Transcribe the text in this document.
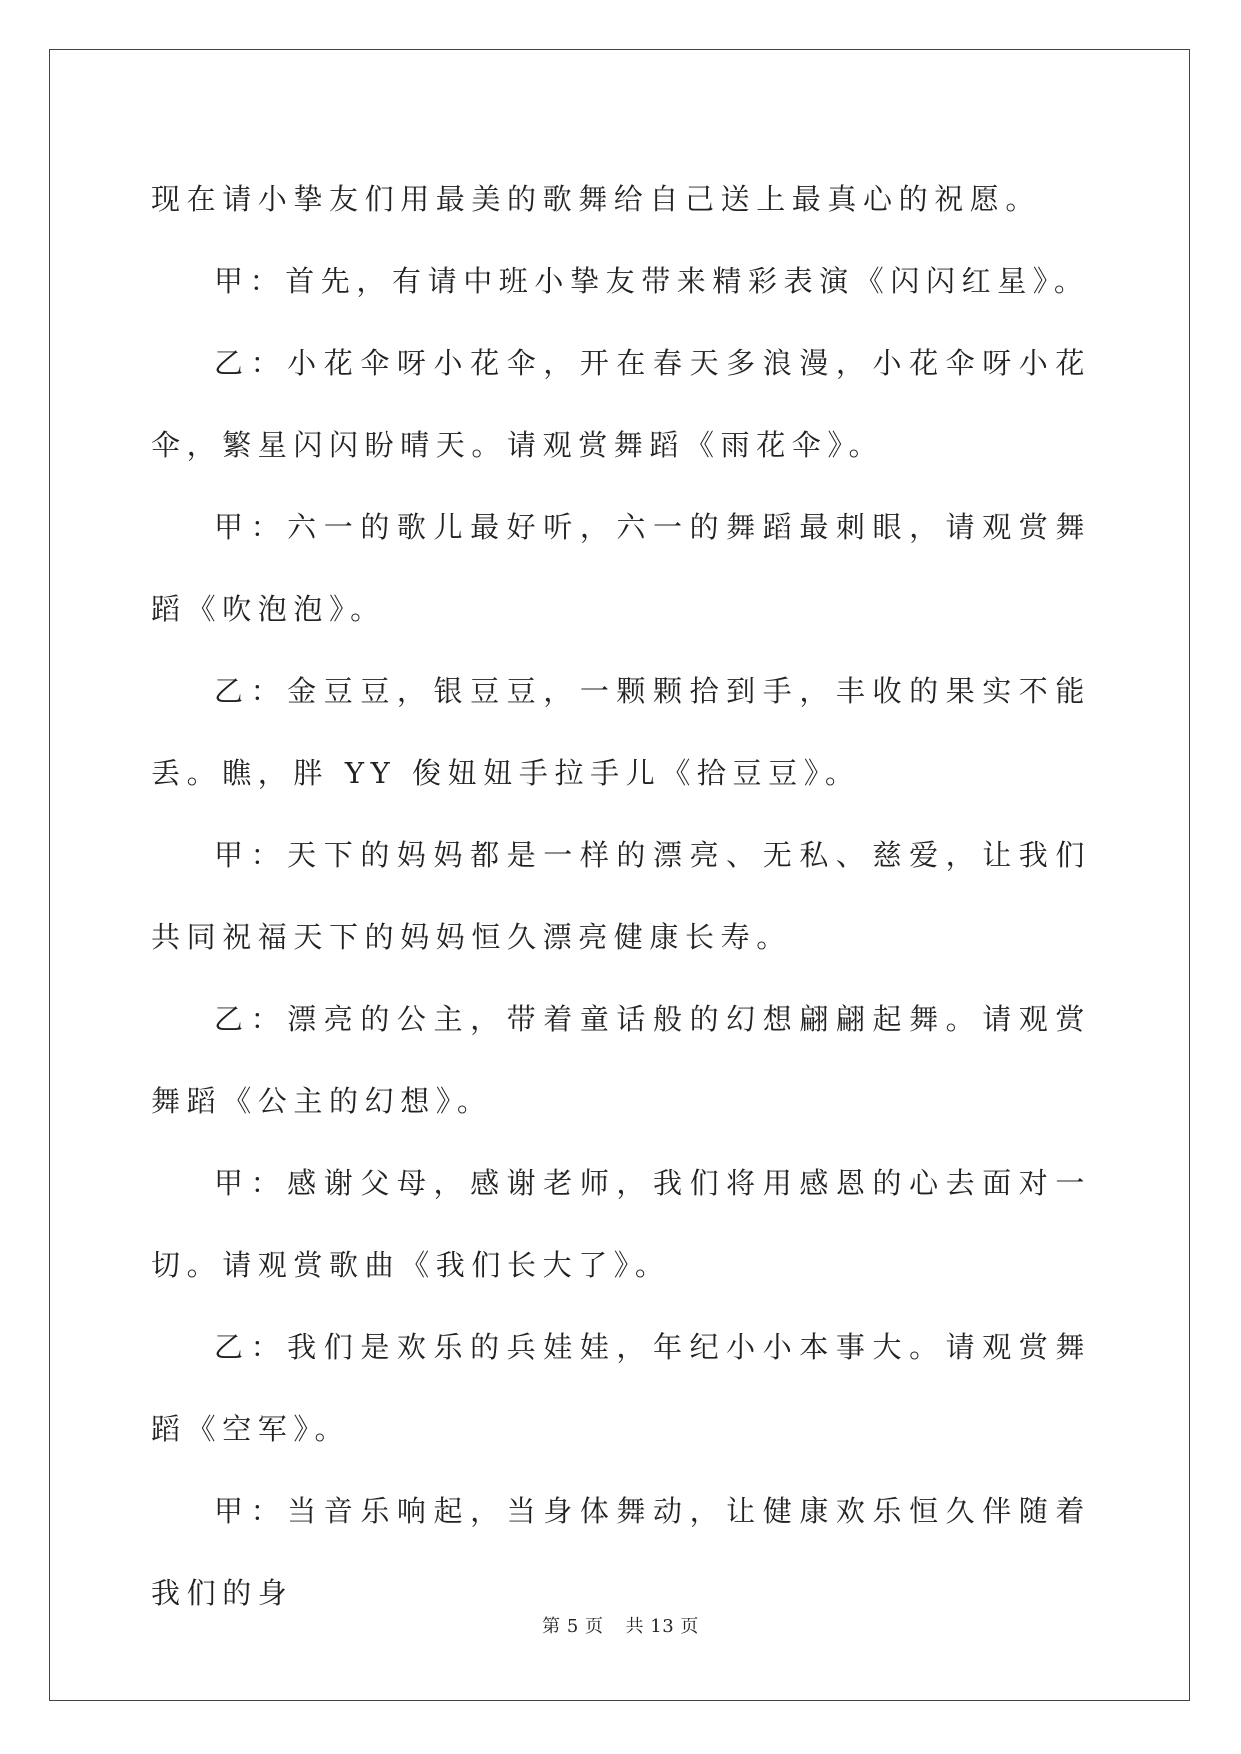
现在请小挚友们用最美的歌舞给自己送上最真心的祝愿。

甲：首先，有请中班小挚友带来精彩表演《闪闪红星》。

乙：小花伞呀小花伞，开在春天多浪漫，小花伞呀小花伞，繁星闪闪盼晴天。请观赏舞蹈《雨花伞》。

甲：六一的歌儿最好听，六一的舞蹈最刺眼，请观赏舞蹈《吹泡泡》。

乙：金豆豆，银豆豆，一颗颗拾到手，丰收的果实不能丢。瞧，胖 YY 俊妞妞手拉手儿《拾豆豆》。

甲：天下的妈妈都是一样的漂亮、无私、慈爱，让我们共同祝福天下的妈妈恒久漂亮健康长寿。

乙：漂亮的公主，带着童话般的幻想翩翩起舞。请观赏舞蹈《公主的幻想》。

甲：感谢父母，感谢老师，我们将用感恩的心去面对一切。请观赏歌曲《我们长大了》。

乙：我们是欢乐的兵娃娃，年纪小小本事大。请观赏舞蹈《空军》。

甲：当音乐响起，当身体舞动，让健康欢乐恒久伴随着我们的身

第 5 页 共 13 页
